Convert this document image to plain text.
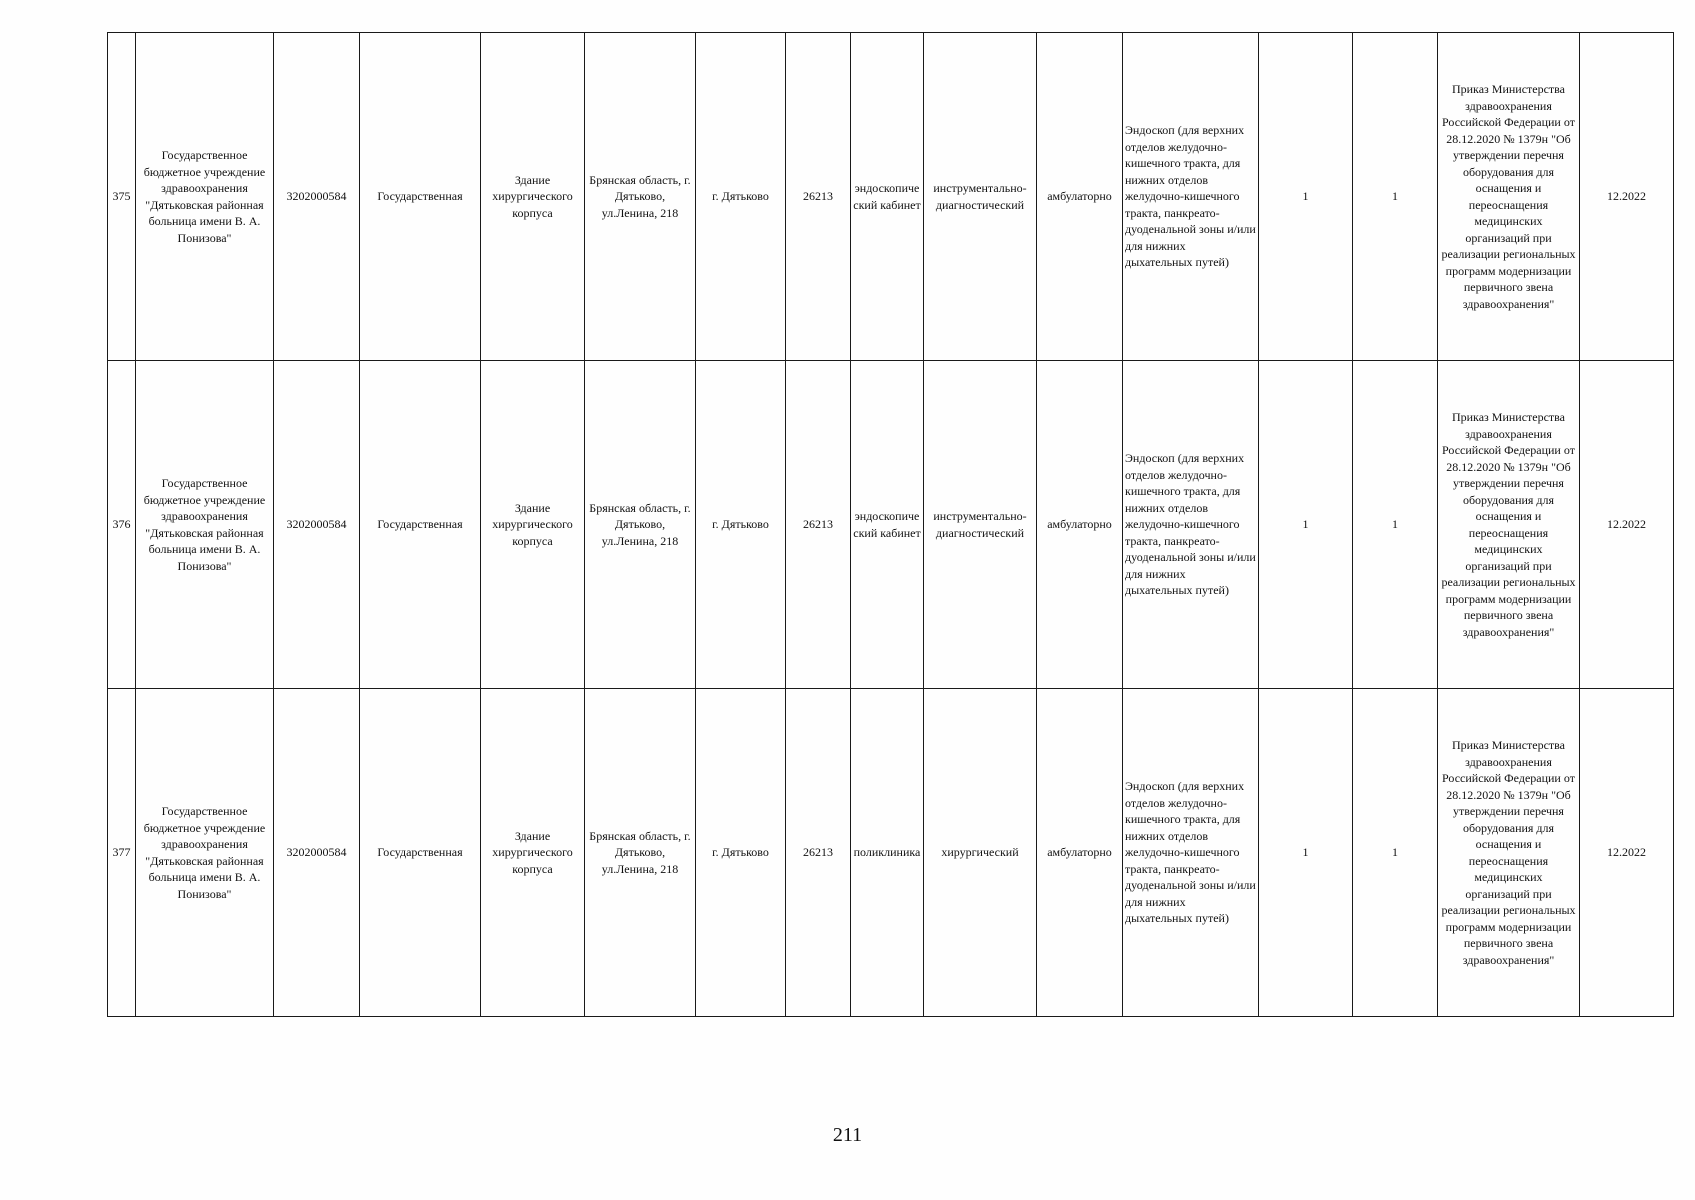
375	Государственное бюджетное учреждение здравоохранения "Дятьковская районная больница имени В. А. Понизова"	3202000584	Государственная	Здание хирургического корпуса	Брянская область, г. Дятьково, ул.Ленина, 218	г. Дятьково	26213	эндоскопический кабинет	инструментально-диагностический	амбулаторно	Эндоскоп (для верхних отделов желудочно-кишечного тракта, для нижних отделов желудочно-кишечного тракта, панкреато-дуоденальной зоны и/или для нижних дыхательных путей)	1	1	Приказ Министерства здравоохранения Российской Федерации от 28.12.2020 № 1379н "Об утверждении перечня оборудования для оснащения и переоснащения медицинских организаций при реализации региональных программ модернизации первичного звена здравоохранения"	12.2022
376	Государственное бюджетное учреждение здравоохранения "Дятьковская районная больница имени В. А. Понизова"	3202000584	Государственная	Здание хирургического корпуса	Брянская область, г. Дятьково, ул.Ленина, 218	г. Дятьково	26213	эндоскопический кабинет	инструментально-диагностический	амбулаторно	Эндоскоп (для верхних отделов желудочно-кишечного тракта, для нижних отделов желудочно-кишечного тракта, панкреато-дуоденальной зоны и/или для нижних дыхательных путей)	1	1	Приказ Министерства здравоохранения Российской Федерации от 28.12.2020 № 1379н "Об утверждении перечня оборудования для оснащения и переоснащения медицинских организаций при реализации региональных программ модернизации первичного звена здравоохранения"	12.2022
377	Государственное бюджетное учреждение здравоохранения "Дятьковская районная больница имени В. А. Понизова"	3202000584	Государственная	Здание хирургического корпуса	Брянская область, г. Дятьково, ул.Ленина, 218	г. Дятьково	26213	поликлиника	хирургический	амбулаторно	Эндоскоп (для верхних отделов желудочно-кишечного тракта, для нижних отделов желудочно-кишечного тракта, панкреато-дуоденальной зоны и/или для нижних дыхательных путей)	1	1	Приказ Министерства здравоохранения Российской Федерации от 28.12.2020 № 1379н "Об утверждении перечня оборудования для оснащения и переоснащения медицинских организаций при реализации региональных программ модернизации первичного звена здравоохранения"	12.2022
211
